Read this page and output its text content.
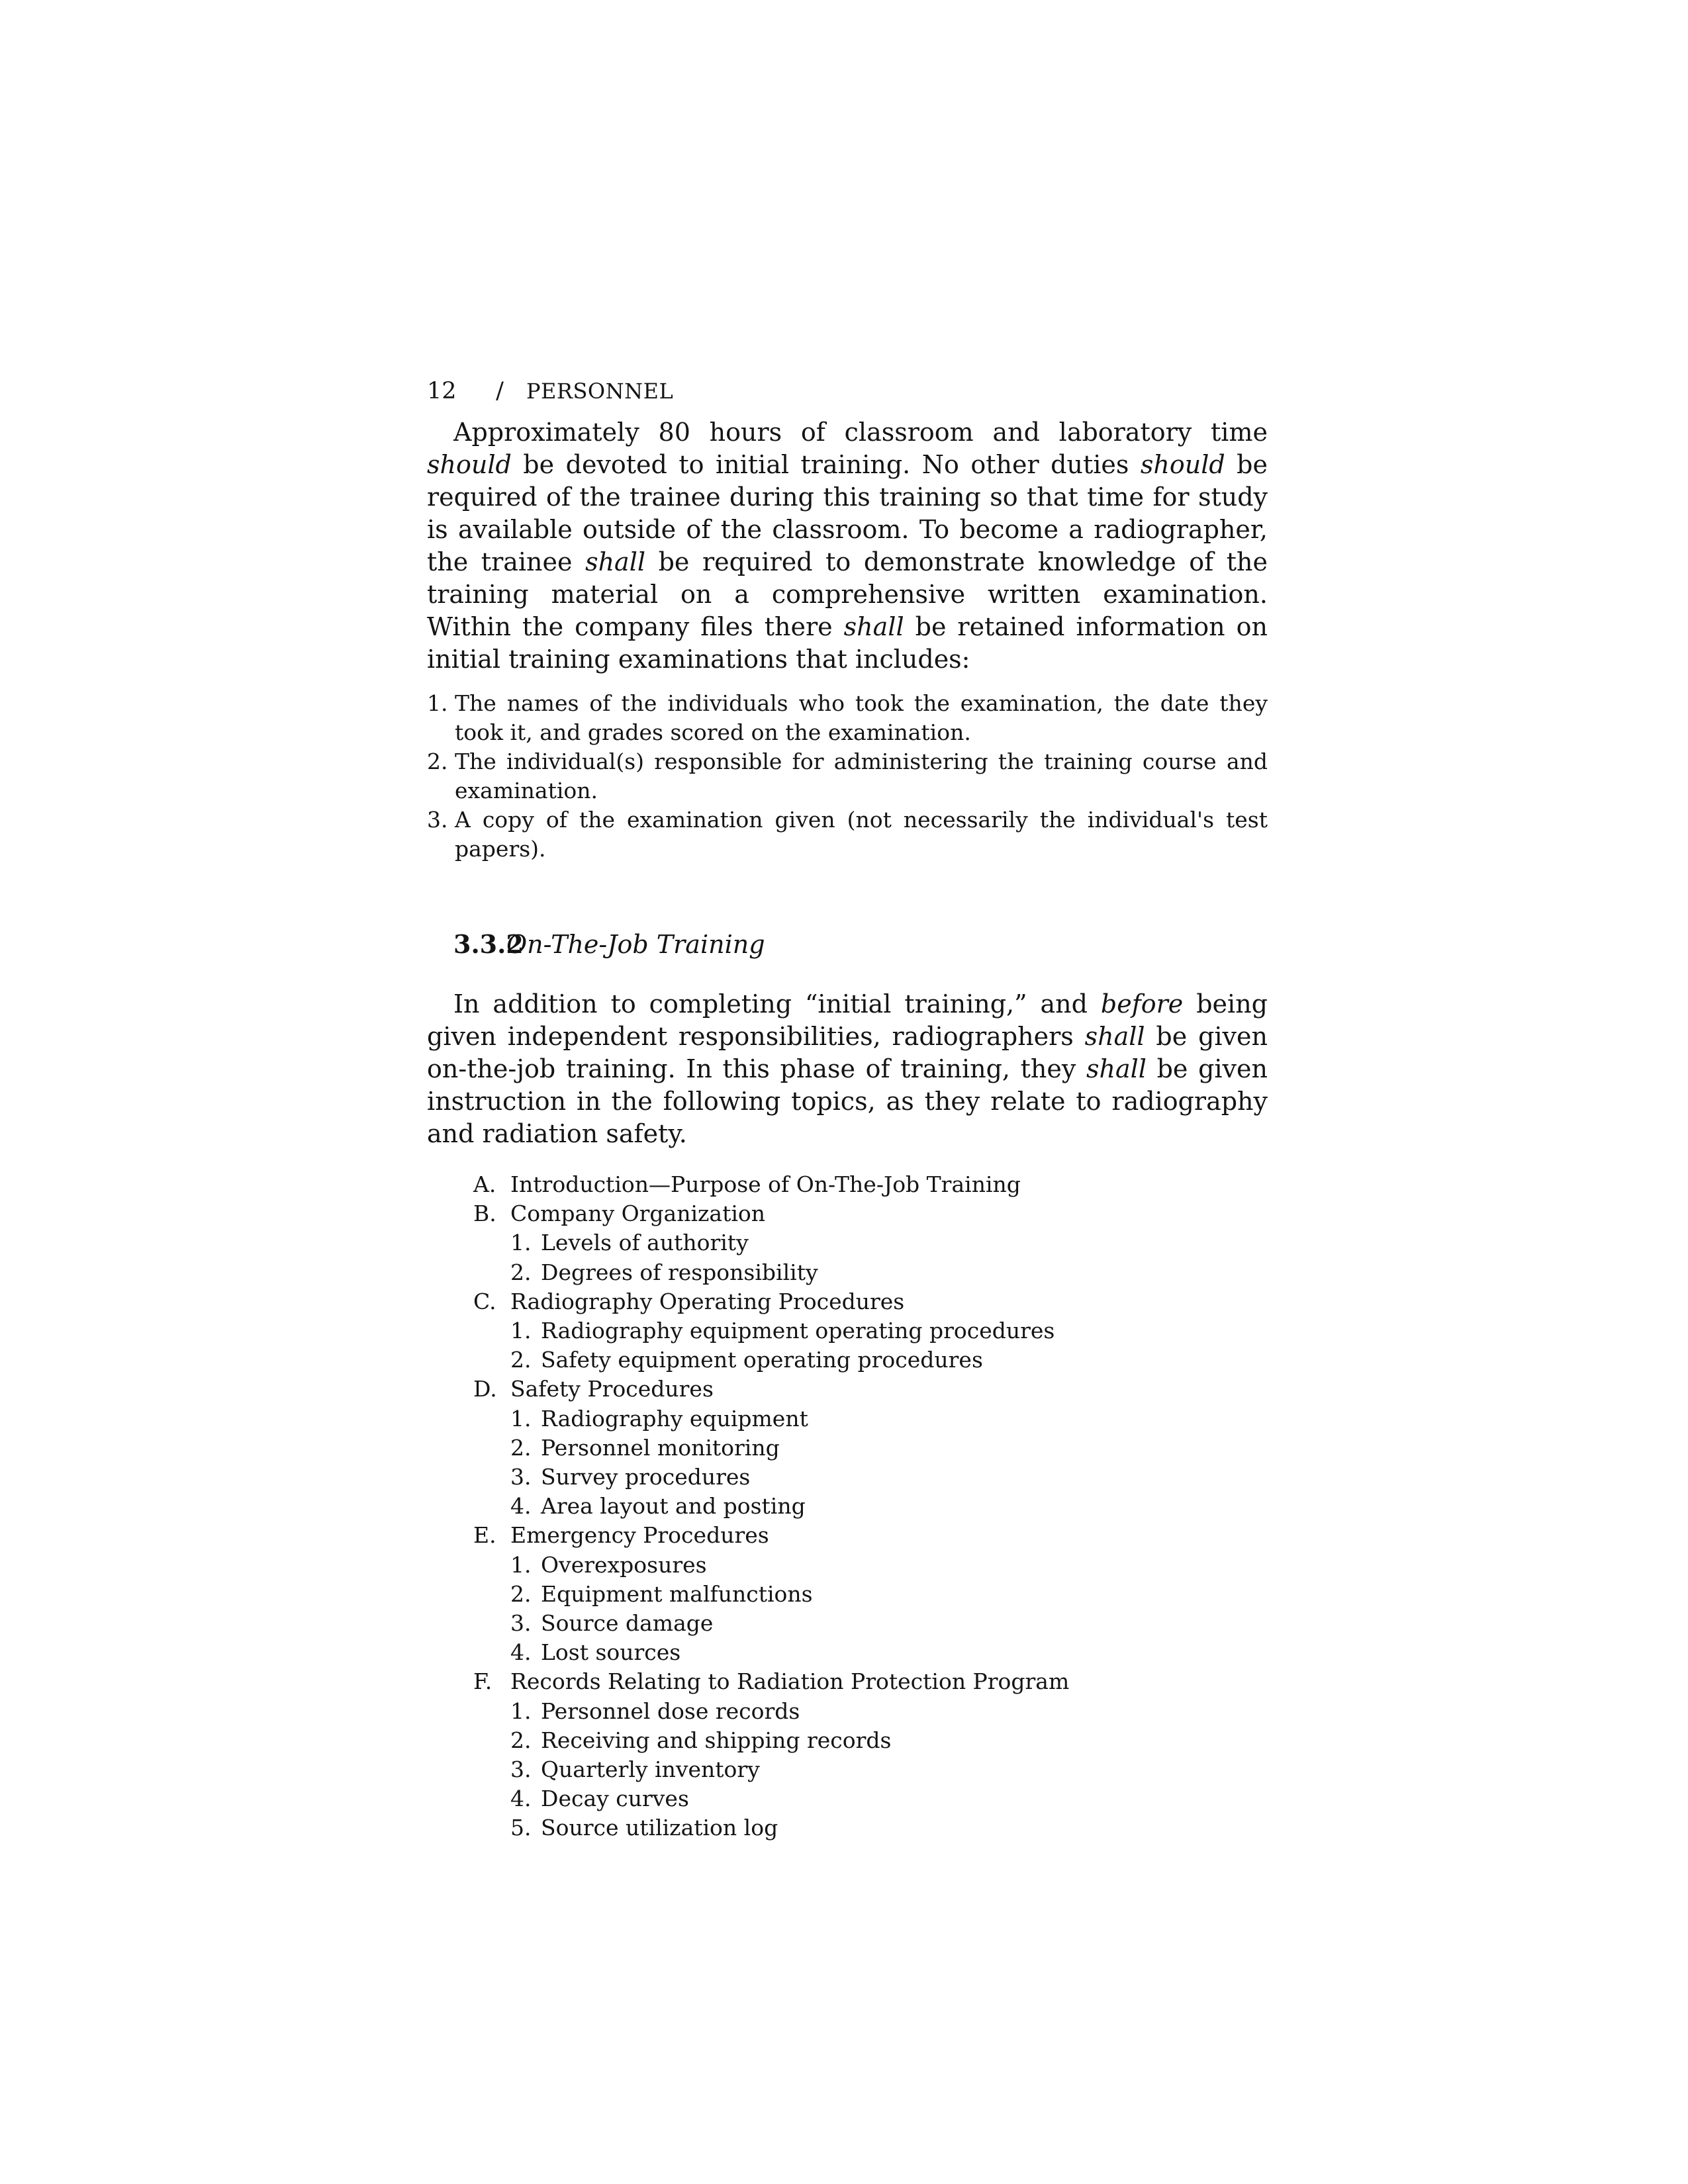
12 / PERSONNEL

Approximately 80 hours of classroom and laboratory time should be devoted to initial training. No other duties should be required of the trainee during this training so that time for study is available outside of the classroom. To become a radiographer, the trainee shall be required to demonstrate knowledge of the training material on a comprehensive written examination. Within the company files there shall be retained information on initial training examinations that includes:

1. The names of the individuals who took the examination, the date they took it, and grades scored on the examination.
2. The individual(s) responsible for administering the training course and examination.
3. A copy of the examination given (not necessarily the individual's test papers).
3.3.2On-The-Job Training

In addition to completing “initial training,” and before being given independent responsibilities, radiographers shall be given on-the-job training. In this phase of training, they shall be given instruction in the following topics, as they relate to radiography and radiation safety.

A. Introduction—Purpose of On-The-Job Training
B. Company Organization
1. Levels of authority
2. Degrees of responsibility
C. Radiography Operating Procedures
1. Radiography equipment operating procedures
2. Safety equipment operating procedures
D. Safety Procedures
1. Radiography equipment
2. Personnel monitoring
3. Survey procedures
4. Area layout and posting
E. Emergency Procedures
1. Overexposures
2. Equipment malfunctions
3. Source damage
4. Lost sources
F. Records Relating to Radiation Protection Program
1. Personnel dose records
2. Receiving and shipping records
3. Quarterly inventory
4. Decay curves
5. Source utilization log
